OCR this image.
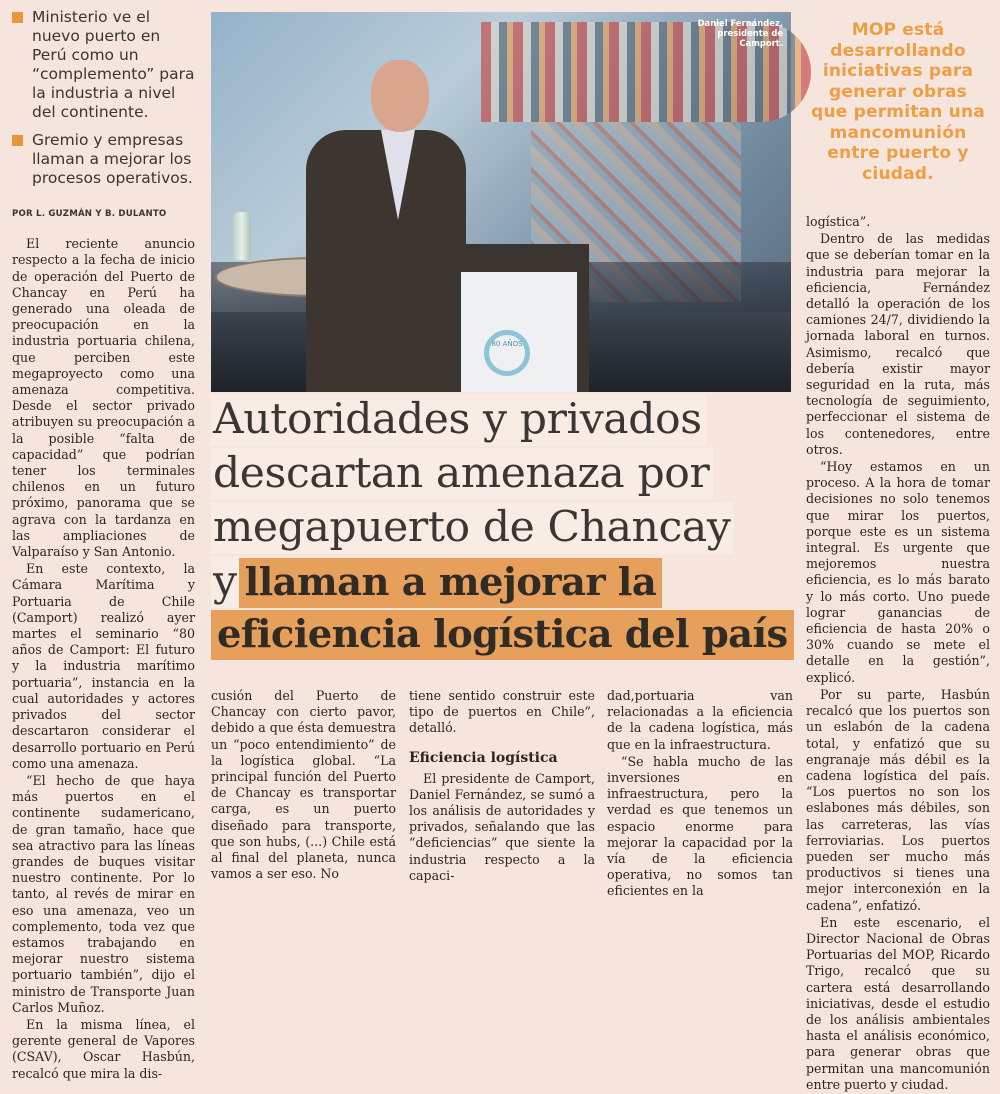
Ministerio ve el nuevo puerto en Perú como un “complemento” para la industria a nivel del continente.
Gremio y empresas llaman a mejorar los procesos operativos.
POR L. GUZMÁN Y B. DULANTO

El reciente anuncio respecto a la fecha de inicio de operación del Puerto de Chancay en Perú ha generado una oleada de preocupación en la industria portuaria chilena, que perciben este megaproyecto como una amenaza competitiva. Desde el sector privado atribuyen su preocupación a la posible “falta de capacidad” que podrían tener los terminales chilenos en un futuro próximo, panorama que se agrava con la tardanza en las ampliaciones de Valparaíso y San Antonio.

En este contexto, la Cámara Marítima y Portuaria de Chile (Camport) realizó ayer martes el seminario “80 años de Camport: El futuro y la industria marítimo portuaria”, instancia en la cual autoridades y actores privados del sector descartaron considerar el desarrollo portuario en Perú como una amenaza.

“El hecho de que haya más puertos en el continente sudamericano, de gran tamaño, hace que sea atractivo para las líneas grandes de buques visitar nuestro continente. Por lo tanto, al revés de mirar en eso una amenaza, veo un complemento, toda vez que estamos trabajando en mejorar nuestro sistema portuario también”, dijo el ministro de Transporte Juan Carlos Muñoz.

En la misma línea, el gerente general de Vapores (CSAV), Oscar Hasbún, recalcó que mira la dis-

80 AÑOS
Daniel Fernández, presidente de Camport.
MOP está desarrollando iniciativas para generar obras que permitan una mancomunión entre puerto y ciudad.

logística”.

Dentro de las medidas que se deberían tomar en la industria para mejorar la eficiencia, Fernández detalló la operación de los camiones 24/7, dividiendo la jornada laboral en turnos. Asimismo, recalcó que debería existir mayor seguridad en la ruta, más tecnología de seguimiento, perfeccionar el sistema de los contenedores, entre otros.

“Hoy estamos en un proceso. A la hora de tomar decisiones no solo tenemos que mirar los puertos, porque este es un sistema integral. Es urgente que mejoremos nuestra eficiencia, es lo más barato y lo más corto. Uno puede lograr ganancias de eficiencia de hasta 20% o 30% cuando se mete el detalle en la gestión”, explicó.

Por su parte, Hasbún recalcó que los puertos son un eslabón de la cadena total, y enfatizó que su engranaje más débil es la cadena logística del país. “Los puertos no son los eslabones más débiles, son las carreteras, las vías ferroviarias. Los puertos pueden ser mucho más productivos si tienes una mejor interconexión en la cadena”, enfatizó.

En este escenario, el Director Nacional de Obras Portuarias del MOP, Ricardo Trigo, recalcó que su cartera está desarrollando iniciativas, desde el estudio de los análisis ambientales hasta el análisis económico, para generar obras que permitan una mancomunión entre puerto y ciudad.

Autoridades y privados
descartan amenaza por
megapuerto de Chancay
y llaman a mejorar la
eficiencia logística del país

cusión del Puerto de Chancay con cierto pavor, debido a que ésta demuestra un “poco entendimiento” de la logística global. “La principal función del Puerto de Chancay es transportar carga, es un puerto diseñado para transporte, que son hubs, (...) Chile está al final del planeta, nunca vamos a ser eso. No

tiene sentido construir este tipo de puertos en Chile”, detalló.

Eficiencia logística

El presidente de Camport, Daniel Fernández, se sumó a los análisis de autoridades y privados, señalando que las “deficiencias” que siente la industria respecto a la capaci-

dad,portuaria van relacionadas a la eficiencia de la cadena logística, más que en la infraestructura.

“Se habla mucho de las inversiones en infraestructura, pero la verdad es que tenemos un espacio enorme para mejorar la capacidad por la vía de la eficiencia operativa, no somos tan eficientes en la
